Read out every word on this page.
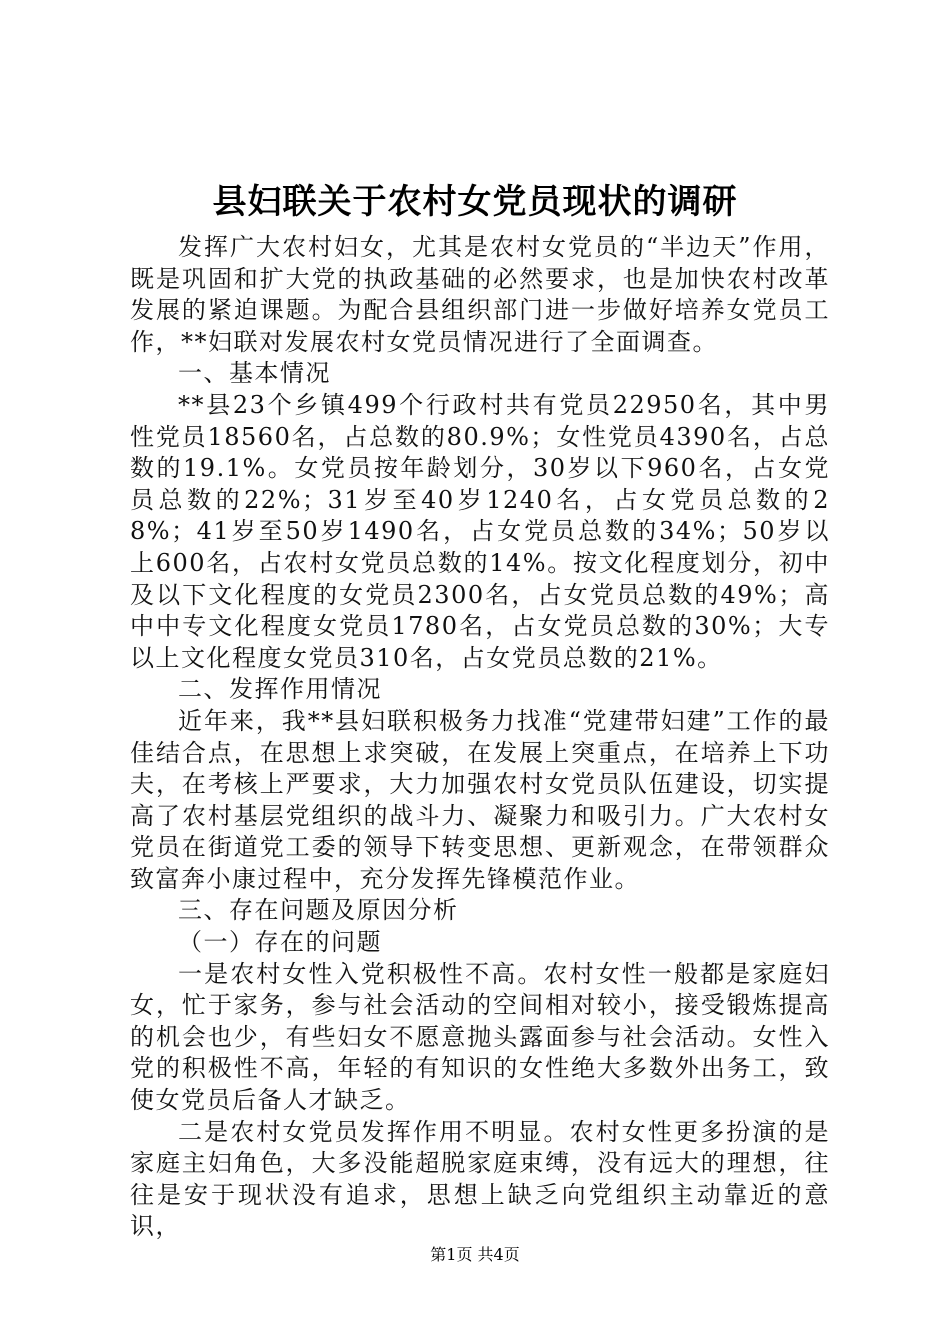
县妇联关于农村女党员现状的调研

发挥广大农村妇女，尤其是农村女党员的“半边天”作用，既是巩固和扩大党的执政基础的必然要求，也是加快农村改革发展的紧迫课题。为配合县组织部门进一步做好培养女党员工作，**妇联对发展农村女党员情况进行了全面调查。

一、基本情况

**县23个乡镇499个行政村共有党员22950名，其中男性党员18560名，占总数的80.9%；女性党员4390名，占总数的19.1%。女党员按年龄划分，30岁以下960名，占女党员总数的22%；31岁至40岁1240名，占女党员总数的28%；41岁至50岁1490名，占女党员总数的34%；50岁以上600名，占农村女党员总数的14%。按文化程度划分，初中及以下文化程度的女党员2300名，占女党员总数的49%；高中中专文化程度女党员1780名，占女党员总数的30%；大专以上文化程度女党员310名，占女党员总数的21%。

二、发挥作用情况

近年来，我**县妇联积极务力找准“党建带妇建”工作的最佳结合点，在思想上求突破，在发展上突重点，在培养上下功夫，在考核上严要求，大力加强农村女党员队伍建设，切实提高了农村基层党组织的战斗力、凝聚力和吸引力。广大农村女党员在街道党工委的领导下转变思想、更新观念，在带领群众致富奔小康过程中，充分发挥先锋模范作业。

三、存在问题及原因分析

（一）存在的问题

一是农村女性入党积极性不高。农村女性一般都是家庭妇女，忙于家务，参与社会活动的空间相对较小，接受锻炼提高的机会也少，有些妇女不愿意抛头露面参与社会活动。女性入党的积极性不高，年轻的有知识的女性绝大多数外出务工，致使女党员后备人才缺乏。

二是农村女党员发挥作用不明显。农村女性更多扮演的是家庭主妇角色，大多没能超脱家庭束缚，没有远大的理想，往往是安于现状没有追求，思想上缺乏向党组织主动靠近的意识，

第1页 共4页
